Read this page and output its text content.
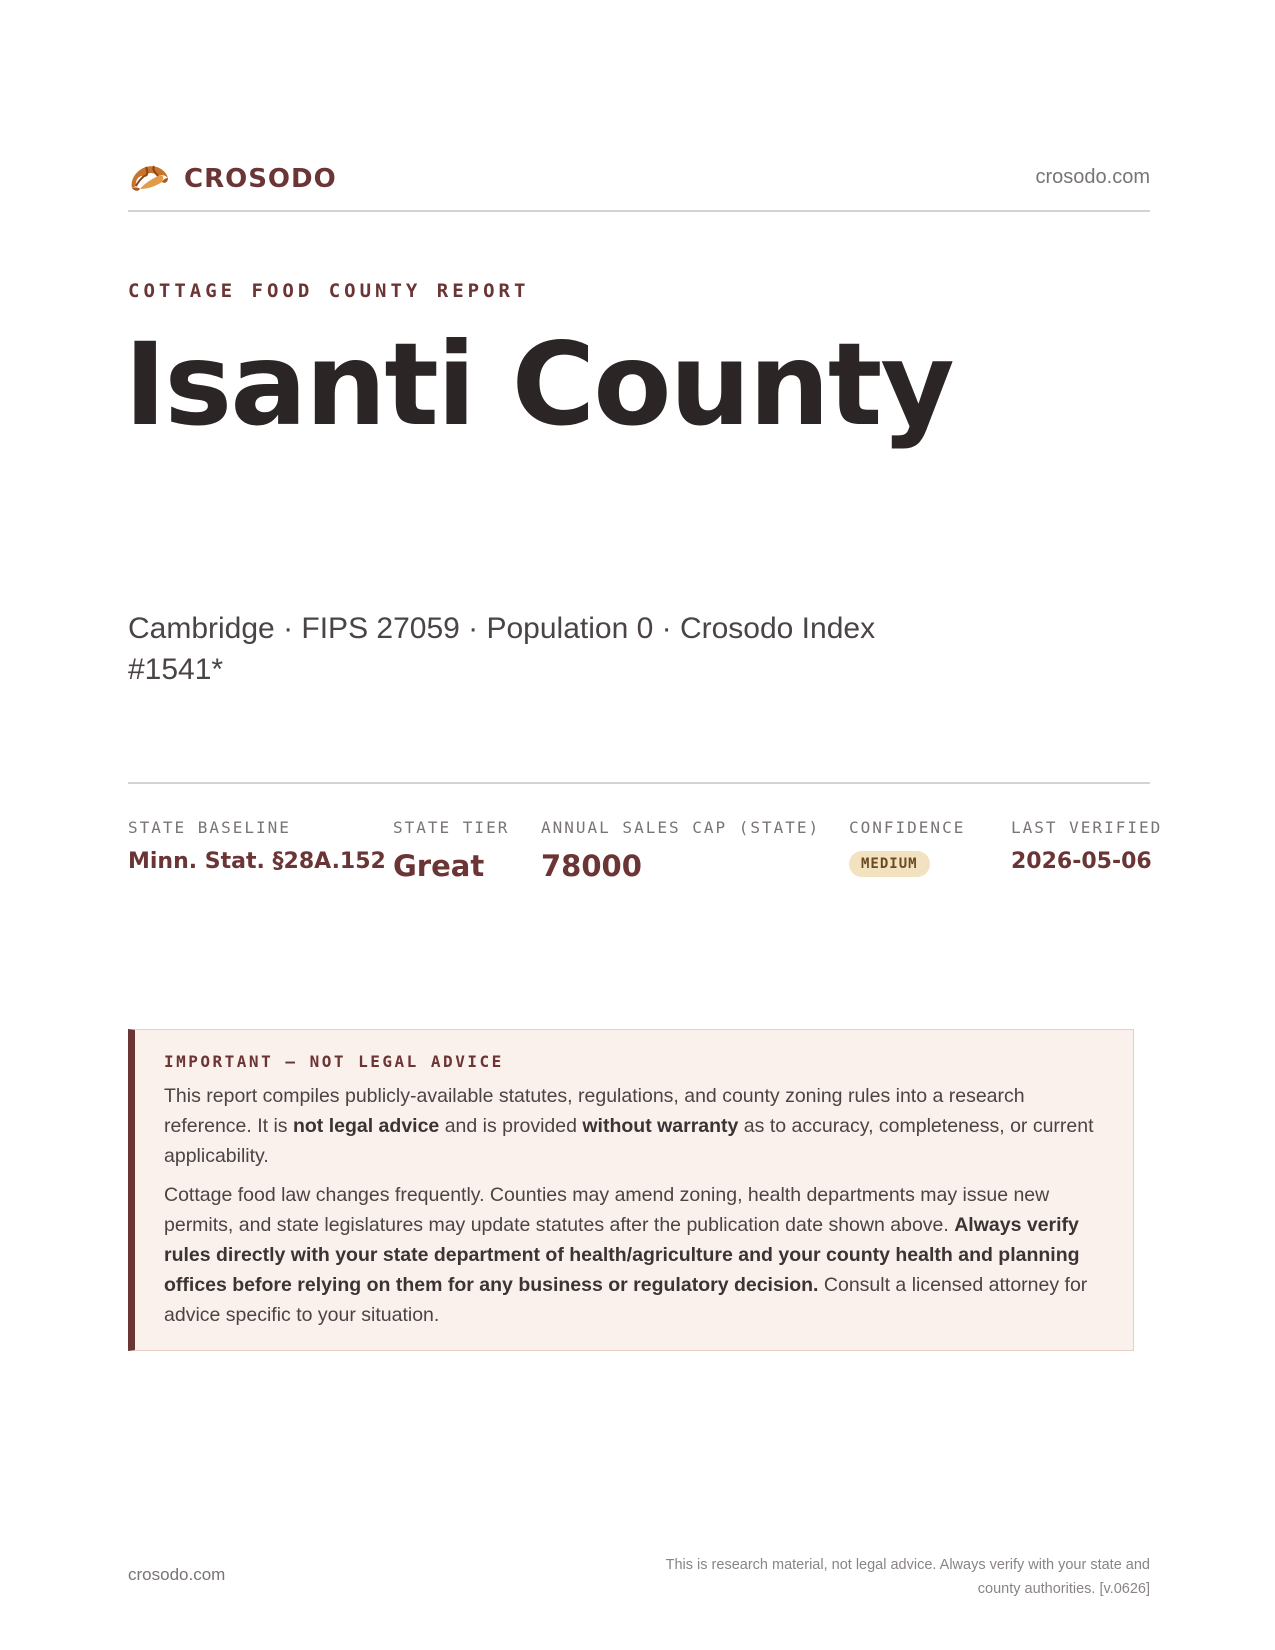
CROSODO	crosodo.com
COTTAGE FOOD COUNTY REPORT
Isanti County
Cambridge · FIPS 27059 · Population 0 · Crosodo Index #1541*
STATE BASELINE
Minn. Stat. §28A.152
STATE TIER
Great
ANNUAL SALES CAP (STATE)
78000
CONFIDENCE
MEDIUM
LAST VERIFIED
2026-05-06
IMPORTANT — NOT LEGAL ADVICE

This report compiles publicly-available statutes, regulations, and county zoning rules into a research reference. It is not legal advice and is provided without warranty as to accuracy, completeness, or current applicability.

Cottage food law changes frequently. Counties may amend zoning, health departments may issue new permits, and state legislatures may update statutes after the publication date shown above. Always verify rules directly with your state department of health/agriculture and your county health and planning offices before relying on them for any business or regulatory decision. Consult a licensed attorney for advice specific to your situation.

crosodo.com	This is research material, not legal advice. Always verify with your state and county authorities. [v.0626]
